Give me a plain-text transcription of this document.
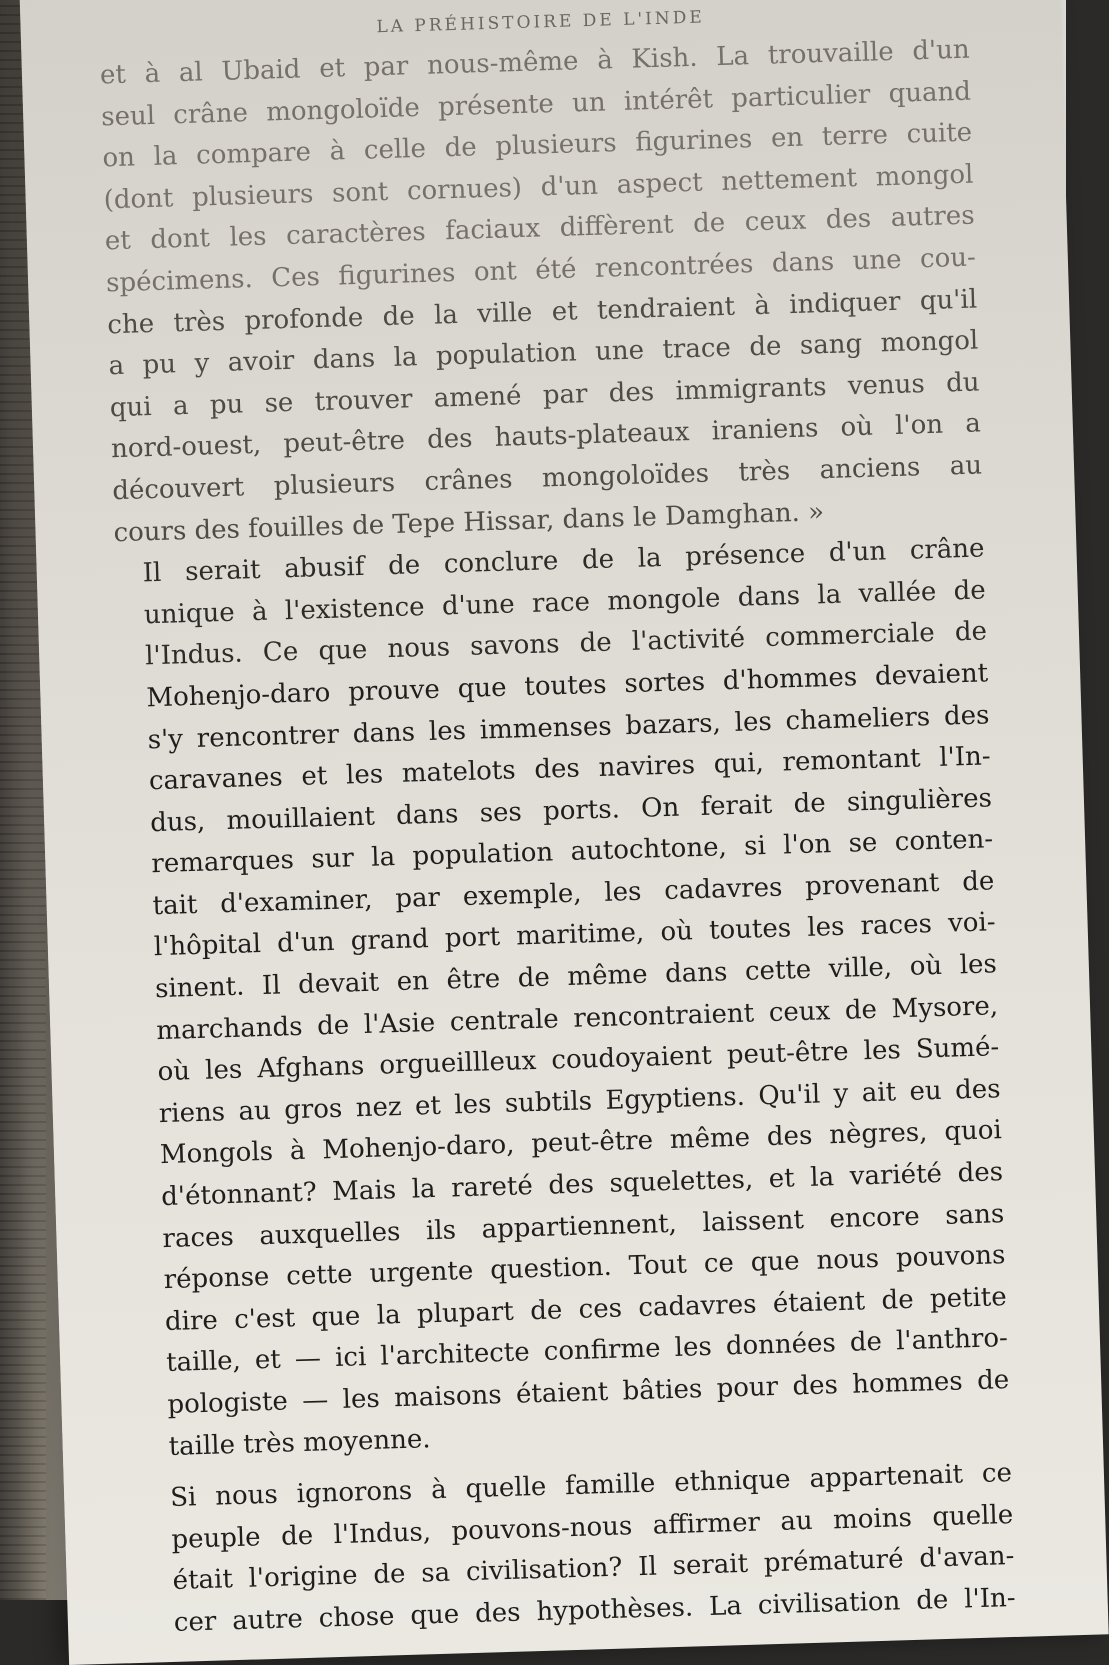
LA PRÉHISTOIRE DE L'INDE

et à al Ubaid et par nous-même à Kish. La trouvaille d'un
seul crâne mongoloïde présente un intérêt particulier quand
on la compare à celle de plusieurs figurines en terre cuite
(dont plusieurs sont cornues) d'un aspect nettement mongol
et dont les caractères faciaux diffèrent de ceux des autres
spécimens. Ces figurines ont été rencontrées dans une cou-
che très profonde de la ville et tendraient à indiquer qu'il
a pu y avoir dans la population une trace de sang mongol
qui a pu se trouver amené par des immigrants venus du
nord-ouest, peut-être des hauts-plateaux iraniens où l'on a
découvert plusieurs crânes mongoloïdes très anciens au
cours des fouilles de Tepe Hissar, dans le Damghan. »

Il serait abusif de conclure de la présence d'un crâne
unique à l'existence d'une race mongole dans la vallée de
l'Indus. Ce que nous savons de l'activité commerciale de
Mohenjo-daro prouve que toutes sortes d'hommes devaient
s'y rencontrer dans les immenses bazars, les chameliers des
caravanes et les matelots des navires qui, remontant l'In-
dus, mouillaient dans ses ports. On ferait de singulières
remarques sur la population autochtone, si l'on se conten-
tait d'examiner, par exemple, les cadavres provenant de
l'hôpital d'un grand port maritime, où toutes les races voi-
sinent. Il devait en être de même dans cette ville, où les
marchands de l'Asie centrale rencontraient ceux de Mysore,
où les Afghans orgueillleux coudoyaient peut-être les Sumé-
riens au gros nez et les subtils Egyptiens. Qu'il y ait eu des
Mongols à Mohenjo-daro, peut-être même des nègres, quoi
d'étonnant? Mais la rareté des squelettes, et la variété des
races auxquelles ils appartiennent, laissent encore sans
réponse cette urgente question. Tout ce que nous pouvons
dire c'est que la plupart de ces cadavres étaient de petite
taille, et — ici l'architecte confirme les données de l'anthro-
pologiste — les maisons étaient bâties pour des hommes de
taille très moyenne.

Si nous ignorons à quelle famille ethnique appartenait ce
peuple de l'Indus, pouvons-nous affirmer au moins quelle
était l'origine de sa civilisation? Il serait prématuré d'avan-
cer autre chose que des hypothèses. La civilisation de l'In-
